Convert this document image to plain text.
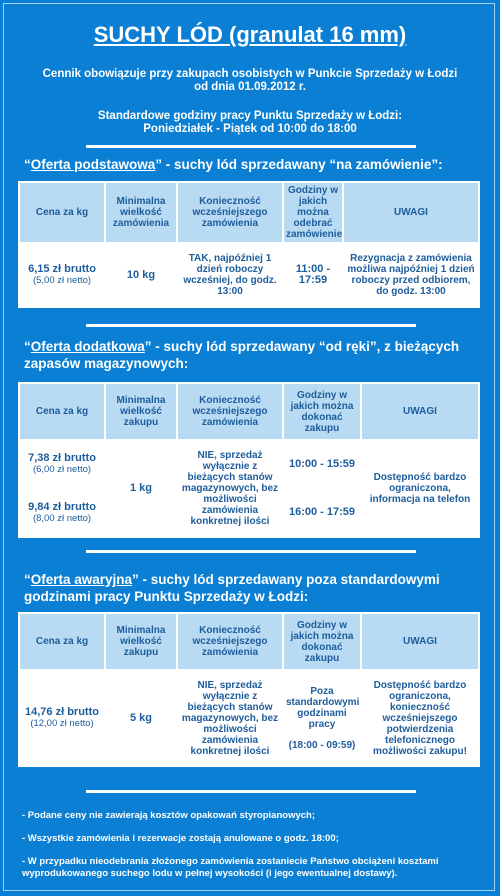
SUCHY LÓD (granulat 16 mm)
Cennik obowiązuje przy zakupach osobistych w Punkcie Sprzedaży w Łodzi
od dnia 01.09.2012 r.
Standardowe godziny pracy Punktu Sprzedaży w Łodzi:
Poniedziałek - Piątek od 10:00 do 18:00
“Oferta podstawowa” - suchy lód sprzedawany “na zamówienie”:
Cena za kg	Minimalna wielkość zamówienia	Konieczność wcześniejszego zamówienia	Godziny w jakich można odebrać zamówienie	UWAGI

6,15 zł brutto
(5,00 zł netto)	10 kg	TAK, najpóźniej 1 dzień roboczy wcześniej, do godz. 13:00	11:00 - 17:59	Rezygnacja z zamówienia możliwa najpóźniej 1 dzień roboczy przed odbiorem, do godz. 13:00
“Oferta dodatkowa” - suchy lód sprzedawany “od ręki”, z bieżących zapasów magazynowych:
Cena za kg	Minimalna wielkość zakupu	Konieczność wcześniejszego zamówienia	Godziny w jakich można dokonać zakupu	UWAGI

7,38 zł brutto
(6,00 zł netto)	1 kg	NIE, sprzedaż wyłącznie z bieżących stanów magazynowych, bez możliwości zamówienia konkretnej ilości	10:00 - 15:59	Dostępność bardzo ograniczona, informacja na telefon

9,84 zł brutto
(8,00 zł netto)			16:00 - 17:59	
“Oferta awaryjna” - suchy lód sprzedawany poza standardowymi godzinami pracy Punktu Sprzedaży w Łodzi:
Cena za kg	Minimalna wielkość zakupu	Konieczność wcześniejszego zamówienia	Godziny w jakich można dokonać zakupu	UWAGI

14,76 zł brutto
(12,00 zł netto)	5 kg	NIE, sprzedaż wyłącznie z bieżących stanów magazynowych, bez możliwości zamówienia konkretnej ilości	Poza standardowymi godzinami pracy
(18:00 - 09:59)	Dostępność bardzo ograniczona, konieczność wcześniejszego potwierdzenia telefonicznego możliwości zakupu!
- Podane ceny nie zawierają kosztów opakowań styropianowych;
- Wszystkie zamówienia i rezerwacje zostają anulowane o godz. 18:00;
- W przypadku nieodebrania złożonego zamówienia zostaniecie Państwo obciążeni kosztami wyprodukowanego suchego lodu w pełnej wysokości (i jego ewentualnej dostawy).
